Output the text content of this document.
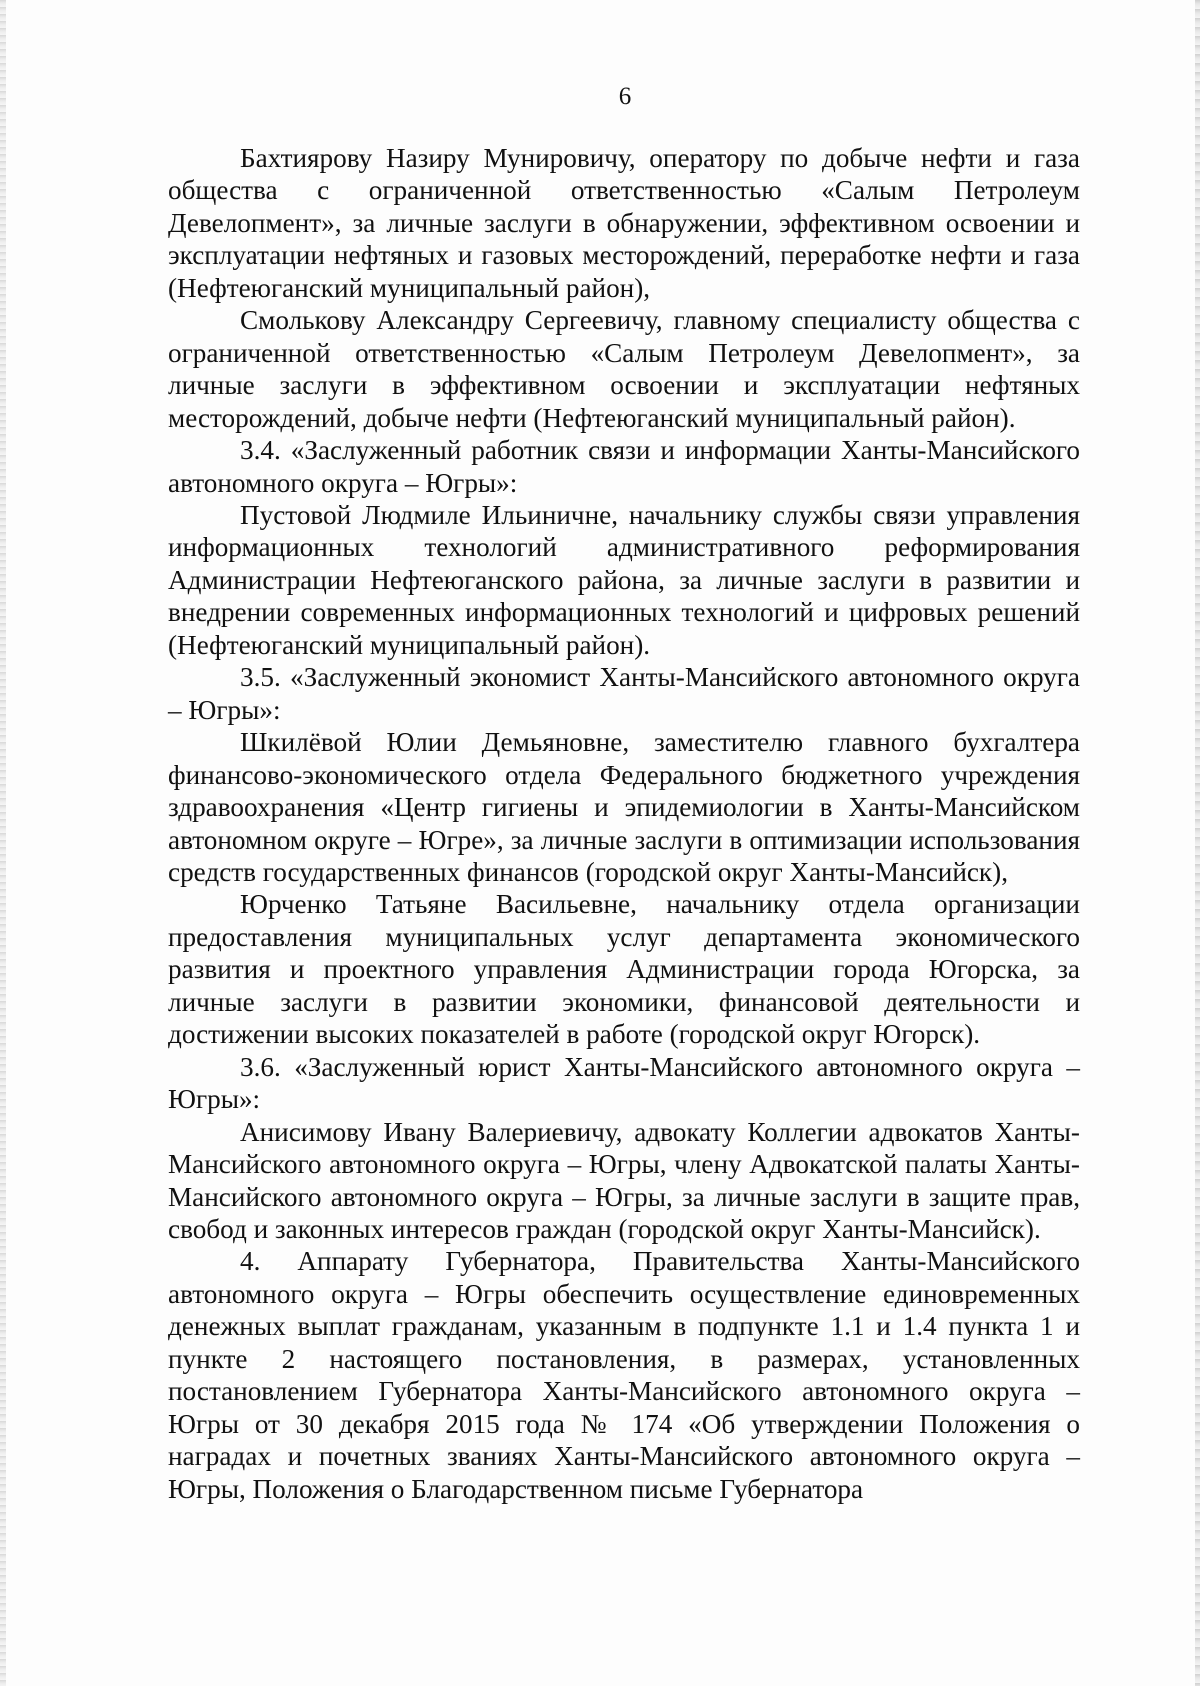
6

Бахтиярову Назиру Мунировичу, оператору по добыче нефти и газа общества с ограниченной ответственностью «Салым Петролеум Девелопмент», за личные заслуги в обнаружении, эффективном освоении и эксплуатации нефтяных и газовых месторождений, переработке нефти и газа (Нефтеюганский муниципальный район),

Смолькову Александру Сергеевичу, главному специалисту общества с ограниченной ответственностью «Салым Петролеум Девелопмент», за личные заслуги в эффективном освоении и эксплуатации нефтяных месторождений, добыче нефти (Нефтеюганский муниципальный район).

3.4. «Заслуженный работник связи и информации Ханты-Мансийского автономного округа – Югры»:

Пустовой Людмиле Ильиничне, начальнику службы связи управления информационных технологий административного реформирования Администрации Нефтеюганского района, за личные заслуги в развитии и внедрении современных информационных технологий и цифровых решений (Нефтеюганский муниципальный район).

3.5. «Заслуженный экономист Ханты-Мансийского автономного округа – Югры»:

Шкилёвой Юлии Демьяновне, заместителю главного бухгалтера финансово-экономического отдела Федерального бюджетного учреждения здравоохранения «Центр гигиены и эпидемиологии в Ханты-Мансийском автономном округе – Югре», за личные заслуги в оптимизации использования средств государственных финансов (городской округ Ханты-Мансийск),

Юрченко Татьяне Васильевне, начальнику отдела организации предоставления муниципальных услуг департамента экономического развития и проектного управления Администрации города Югорска, за личные заслуги в развитии экономики, финансовой деятельности и достижении высоких показателей в работе (городской округ Югорск).

3.6. «Заслуженный юрист Ханты-Мансийского автономного округа – Югры»:

Анисимову Ивану Валериевичу, адвокату Коллегии адвокатов Ханты-Мансийского автономного округа – Югры, члену Адвокатской палаты Ханты-Мансийского автономного округа – Югры, за личные заслуги в защите прав, свобод и законных интересов граждан (городской округ Ханты-Мансийск).

4. Аппарату Губернатора, Правительства Ханты-Мансийского автономного округа – Югры обеспечить осуществление единовременных денежных выплат гражданам, указанным в подпункте 1.1 и 1.4 пункта 1 и пункте 2 настоящего постановления, в размерах, установленных постановлением Губернатора Ханты-Мансийского автономного округа – Югры от 30 декабря 2015 года № 174 «Об утверждении Положения о наградах и почетных званиях Ханты-Мансийского автономного округа – Югры, Положения о Благодарственном письме Губернатора
